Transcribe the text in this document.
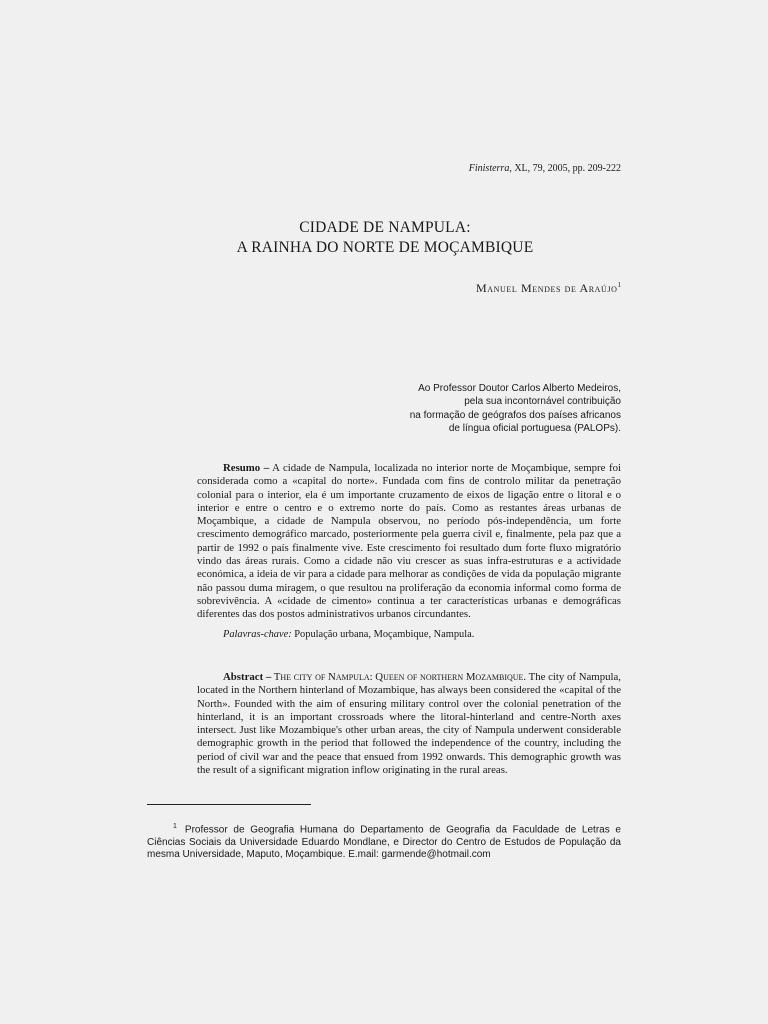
Finisterra, XL, 79, 2005, pp. 209-222
CIDADE DE NAMPULA:
A RAINHA DO NORTE DE MOÇAMBIQUE
Manuel Mendes de Araújo$^1$
Ao Professor Doutor Carlos Alberto Medeiros,
pela sua incontornável contribuição
na formação de geógrafos dos países africanos
de língua oficial portuguesa (PALOPs).

Resumo – A cidade de Nampula, localizada no interior norte de Moçambique, sempre foi considerada como a «capital do norte». Fundada com fins de controlo militar da penetração colonial para o interior, ela é um importante cruzamento de eixos de ligação entre o litoral e o interior e entre o centro e o extremo norte do país. Como as restantes áreas urbanas de Moçambique, a cidade de Nampula observou, no período pós-independência, um forte crescimento demográfico marcado, posteriormente pela guerra civil e, finalmente, pela paz que a partir de 1992 o país finalmente vive. Este crescimento foi resultado dum forte fluxo migratório vindo das áreas rurais. Como a cidade não viu crescer as suas infra-estruturas e a actividade económica, a ideia de vir para a cidade para melhorar as condições de vida da população migrante não passou duma miragem, o que resultou na proliferação da economia informal como forma de sobrevivência. A «cidade de cimento» continua a ter características urbanas e demográficas diferentes das dos postos administrativos urbanos circundantes.

Palavras-chave: População urbana, Moçambique, Nampula.

Abstract – The city of Nampula: Queen of northern Mozambique. The city of Nampula, located in the Northern hinterland of Mozambique, has always been considered the «capital of the North». Founded with the aim of ensuring military control over the colonial penetration of the hinterland, it is an important crossroads where the litoral-hinterland and centre-North axes intersect. Just like Mozambique's other urban areas, the city of Nampula underwent considerable demographic growth in the period that followed the independence of the country, including the period of civil war and the peace that ensued from 1992 onwards. This demographic growth was the result of a significant migration inflow originating in the rural areas.

$^1$ Professor de Geografia Humana do Departamento de Geografia da Faculdade de Letras e Ciências Sociais da Universidade Eduardo Mondlane, e Director do Centro de Estudos de População da mesma Universidade, Maputo, Moçambique. E.mail: garmende@hotmail.com
